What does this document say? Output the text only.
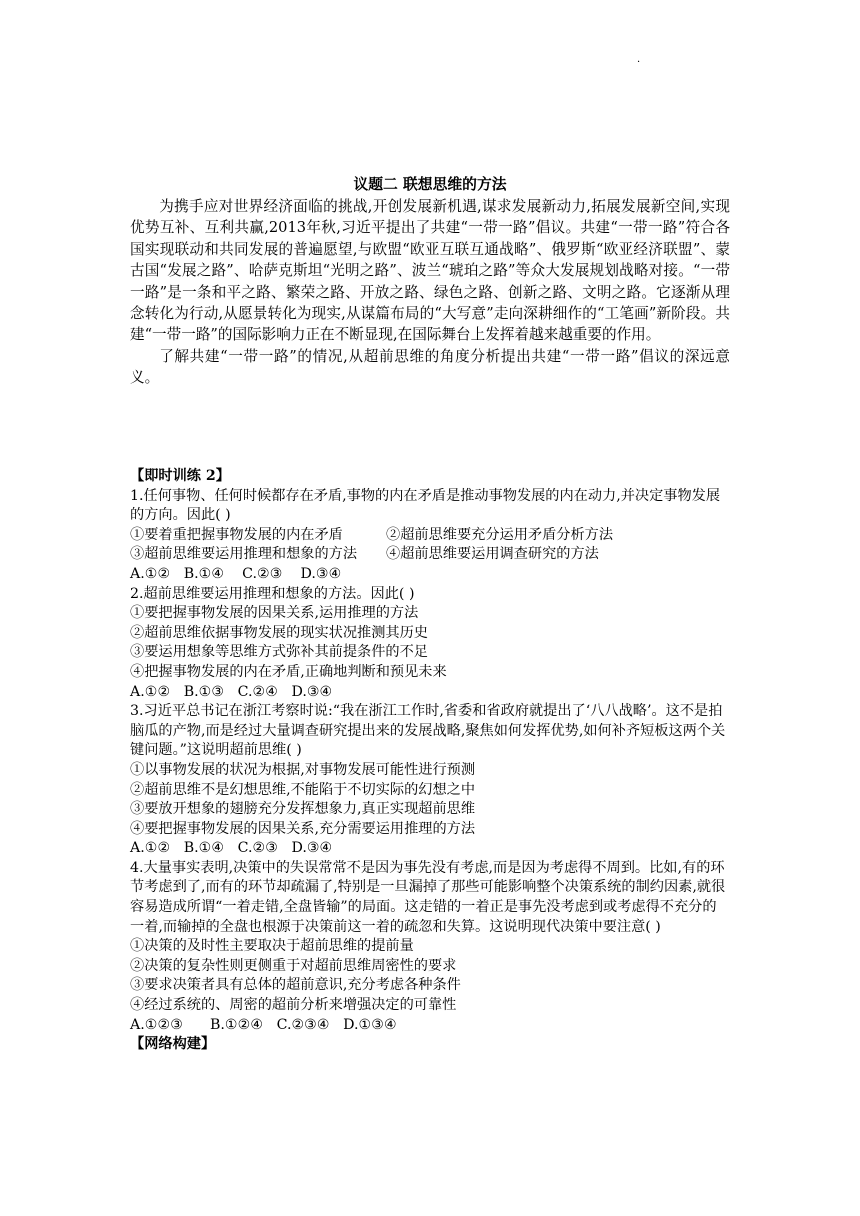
·
议题二 联想思维的方法

为携手应对世界经济面临的挑战,开创发展新机遇,谋求发展新动力,拓展发展新空间,实现优势互补、互利共赢,2013年秋,习近平提出了共建“一带一路”倡议。共建“一带一路”符合各国实现联动和共同发展的普遍愿望,与欧盟“欧亚互联互通战略”、俄罗斯“欧亚经济联盟”、蒙古国“发展之路”、哈萨克斯坦“光明之路”、波兰“琥珀之路”等众大发展规划战略对接。“一带一路”是一条和平之路、繁荣之路、开放之路、绿色之路、创新之路、文明之路。它逐渐从理念转化为行动,从愿景转化为现实,从谋篇布局的“大写意”走向深耕细作的“工笔画”新阶段。共建“一带一路”的国际影响力正在不断显现,在国际舞台上发挥着越来越重要的作用。

了解共建“一带一路”的情况,从超前思维的角度分析提出共建“一带一路”倡议的深远意义。

【即时训练 2】

1.任何事物、任何时候都存在矛盾,事物的内在矛盾是推动事物发展的内在动力,并决定事物发展的方向。因此( )

①要着重把握事物发展的内在矛盾	②超前思维要充分运用矛盾分析方法

③超前思维要运用推理和想象的方法	④超前思维要运用调查研究的方法

A.①②   B.①④    C.②③    D.③④

2.超前思维要运用推理和想象的方法。因此( )

①要把握事物发展的因果关系,运用推理的方法

②超前思维依据事物发展的现实状况推测其历史

③要运用想象等思维方式弥补其前提条件的不足

④把握事物发展的内在矛盾,正确地判断和预见未来

A.①②   B.①③   C.②④   D.③④

3.习近平总书记在浙江考察时说:“我在浙江工作时,省委和省政府就提出了‘八八战略’。这不是拍脑瓜的产物,而是经过大量调查研究提出来的发展战略,聚焦如何发挥优势,如何补齐短板这两个关键问题。”这说明超前思维( )

①以事物发展的状况为根据,对事物发展可能性进行预测

②超前思维不是幻想思维,不能陷于不切实际的幻想之中

③要放开想象的翅膀充分发挥想象力,真正实现超前思维

④要把握事物发展的因果关系,充分需要运用推理的方法

A.①②   B.①④   C.②③   D.③④

4.大量事实表明,决策中的失误常常不是因为事先没有考虑,而是因为考虑得不周到。比如,有的环节考虑到了,而有的环节却疏漏了,特别是一旦漏掉了那些可能影响整个决策系统的制约因素,就很容易造成所谓“一着走错,全盘皆输”的局面。这走错的一着正是事先没考虑到或考虑得不充分的一着,而输掉的全盘也根源于决策前这一着的疏忽和失算。这说明现代决策中要注意( )

①决策的及时性主要取决于超前思维的提前量

②决策的复杂性则更侧重于对超前思维周密性的要求

③要求决策者具有总体的超前意识,充分考虑各种条件

④经过系统的、周密的超前分析来增强决定的可靠性

A.①②③      B.①②④   C.②③④   D.①③④

【网络构建】
